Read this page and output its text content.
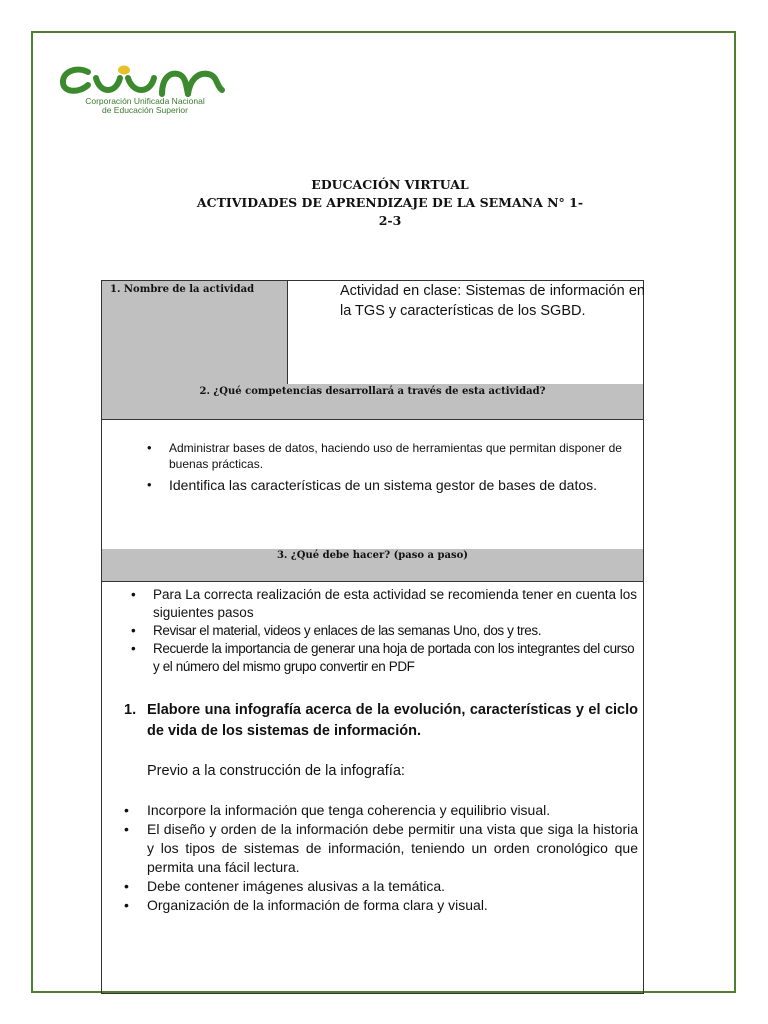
Corporación Unificada Nacional
de Educación Superior
EDUCACIÓN VIRTUAL
ACTIVIDADES DE APRENDIZAJE DE LA SEMANA N° 1-
2-3
1. Nombre de la actividad	Actividad en clase: Sistemas de información en la TGS y características de los SGBD.
2. ¿Qué competencias desarrollará a través de esta actividad?
• Administrar bases de datos, haciendo uso de herramientas que permitan disponer de buenas prácticas.
• Identifica las características de un sistema gestor de bases de datos.
3. ¿Qué debe hacer? (paso a paso)
• Para La correcta realización de esta actividad se recomienda tener en cuenta los siguientes pasos
• Revisar el material, videos y enlaces de las semanas Uno, dos y tres.
• Recuerde la importancia de generar una hoja de portada con los integrantes del curso y el número del mismo grupo convertir en PDF
1. Elabore una infografía acerca de la evolución, características y el ciclo de vida de los sistemas de información.
Previo a la construcción de la infografía:
• Incorpore la información que tenga coherencia y equilibrio visual.
• El diseño y orden de la información debe permitir una vista que siga la historia y los tipos de sistemas de información, teniendo un orden cronológico que permita una fácil lectura.
• Debe contener imágenes alusivas a la temática.
• Organización de la información de forma clara y visual.
